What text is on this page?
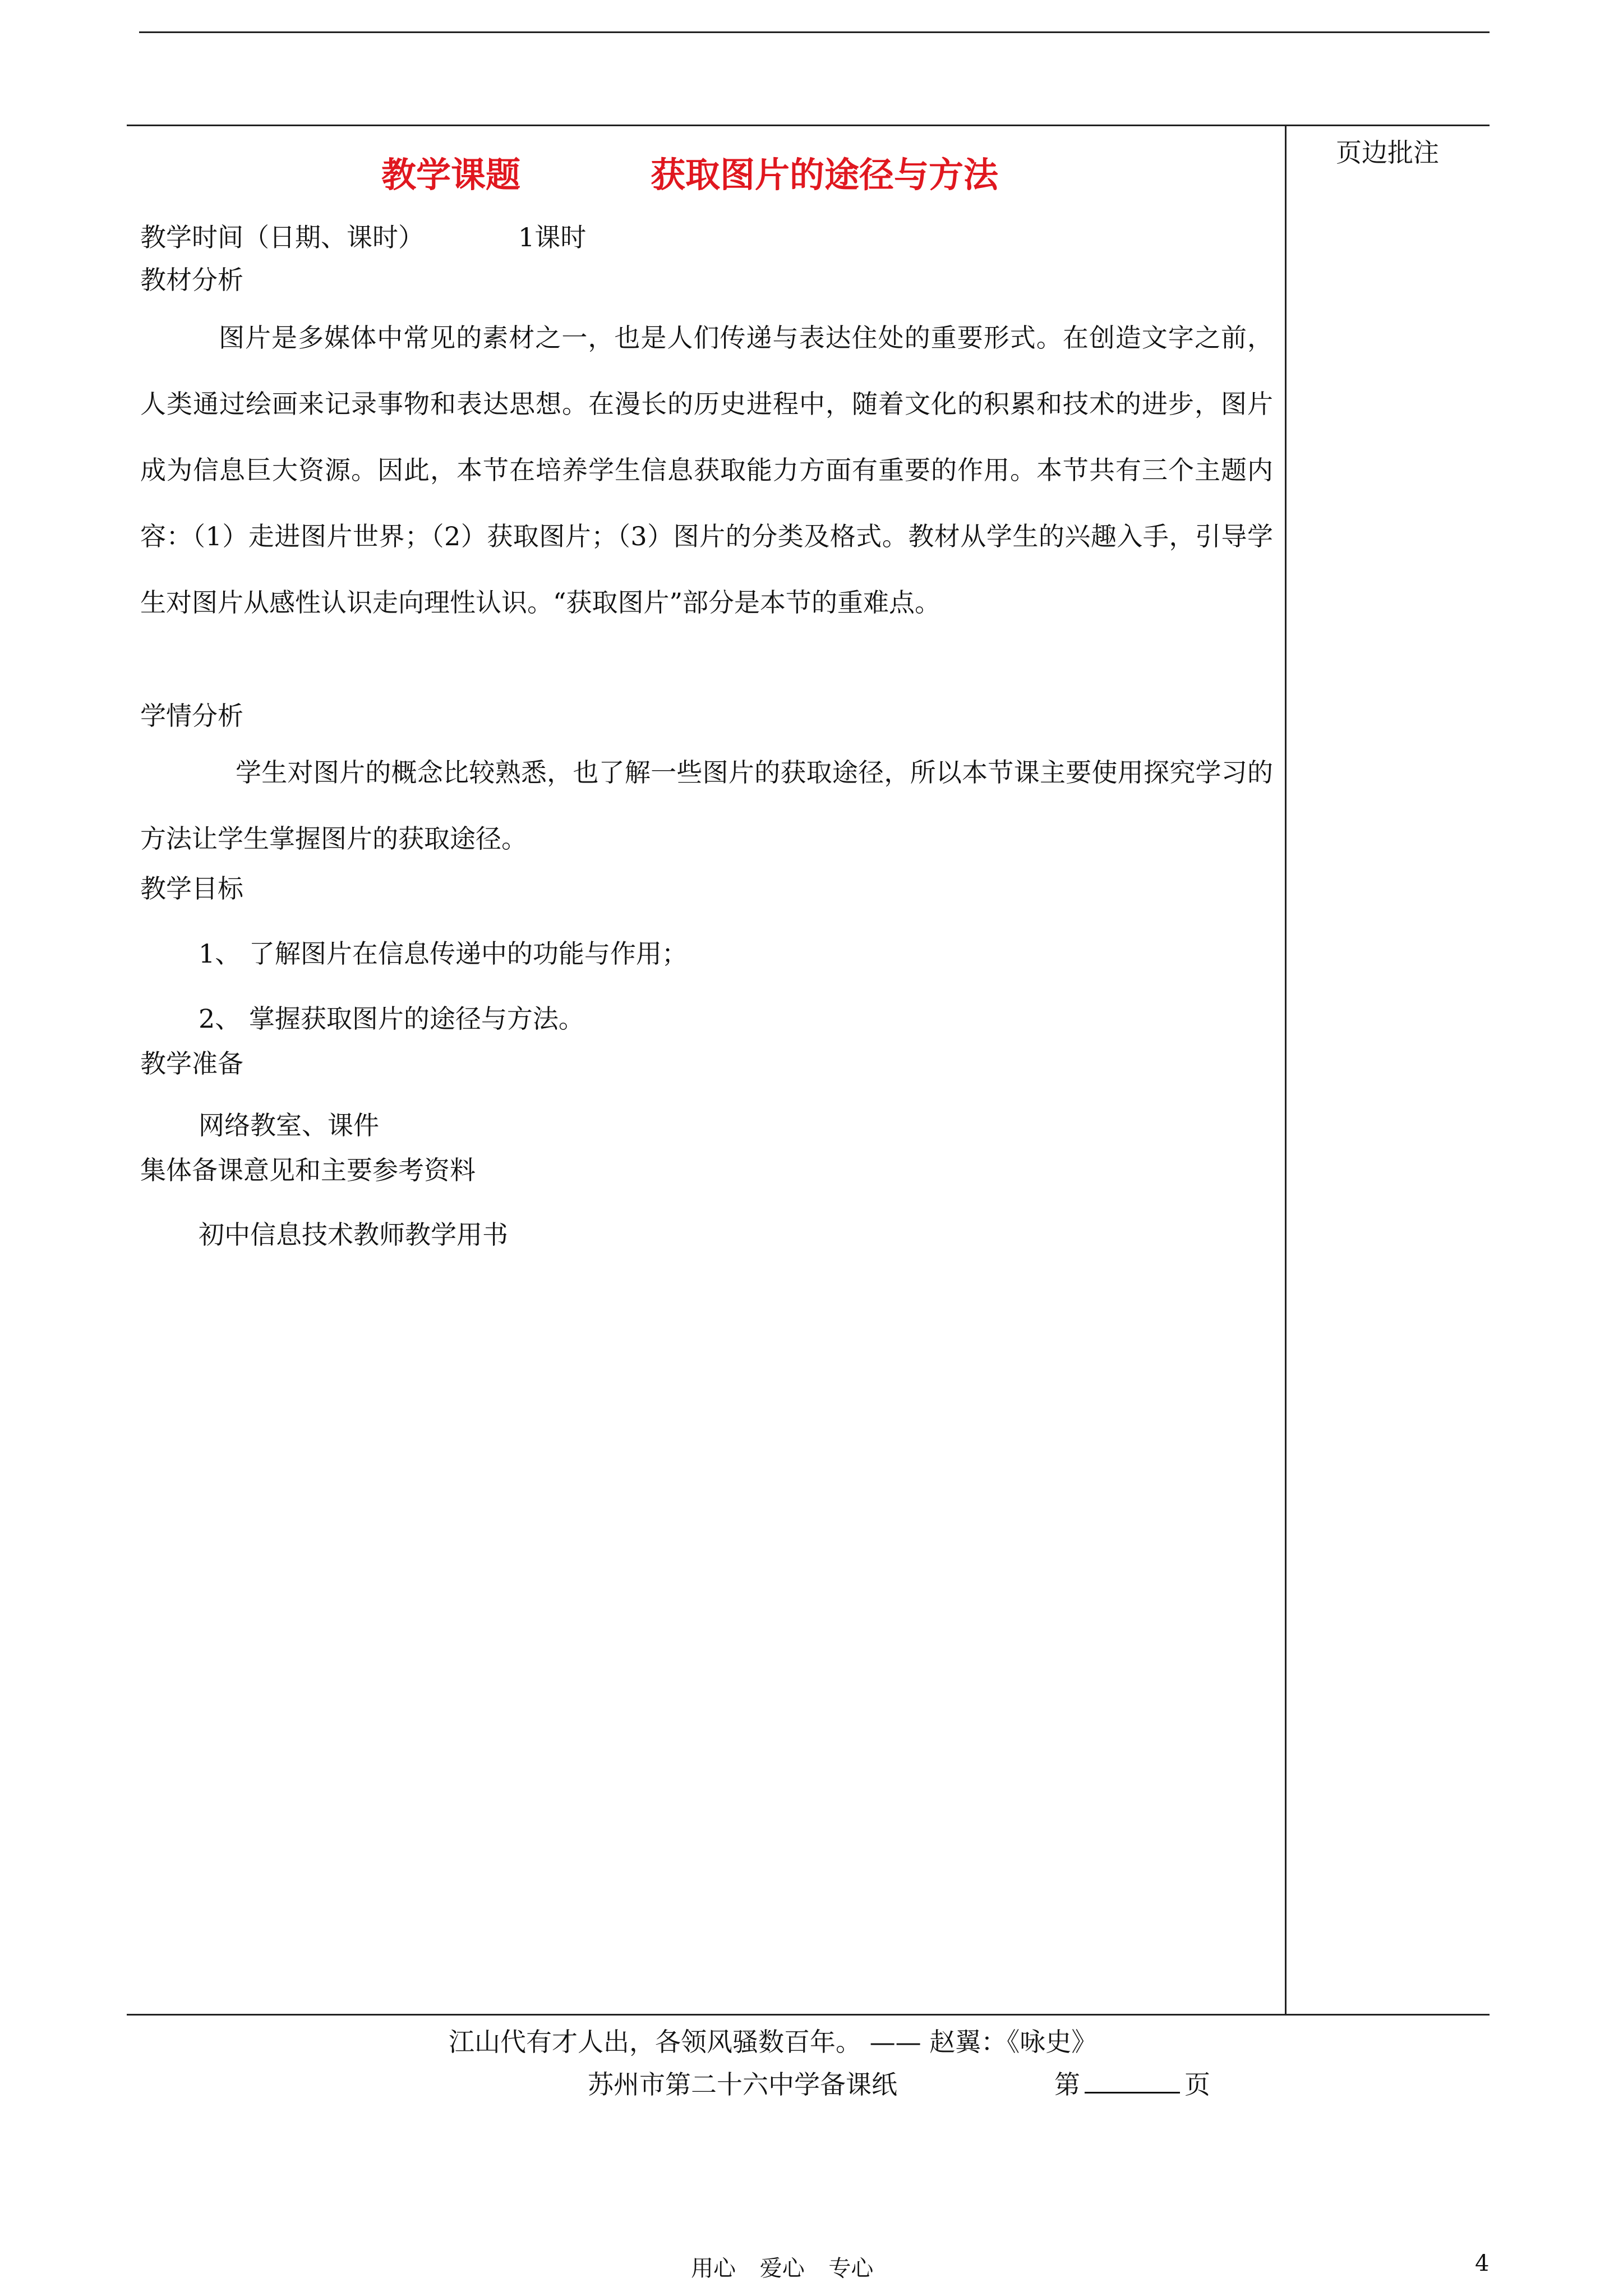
教学课题	获取图片的途径与方法
页边批注
教学时间（日期、课时）	1课时
教材分析
图片是多媒体中常见的素材之一，也是人们传递与表达住处的重要形式。在创造文字之前，人类通过绘画来记录事物和表达思想。在漫长的历史进程中，随着文化的积累和技术的进步，图片成为信息巨大资源。因此，本节在培养学生信息获取能力方面有重要的作用。本节共有三个主题内容：（1）走进图片世界；（2）获取图片；（3）图片的分类及格式。教材从学生的兴趣入手，引导学生对图片从感性认识走向理性认识。“获取图片”部分是本节的重难点。
学情分析
学生对图片的概念比较熟悉，也了解一些图片的获取途径，所以本节课主要使用探究学习的方法让学生掌握图片的获取途径。
教学目标
1、 了解图片在信息传递中的功能与作用；
2、 掌握获取图片的途径与方法。
教学准备
网络教室、课件
集体备课意见和主要参考资料
初中信息技术教师教学用书
江山代有才人出，各领风骚数百年。 —— 赵翼：《咏史》
苏州市第二十六中学备课纸	第	页
用心 爱心 专心	4
